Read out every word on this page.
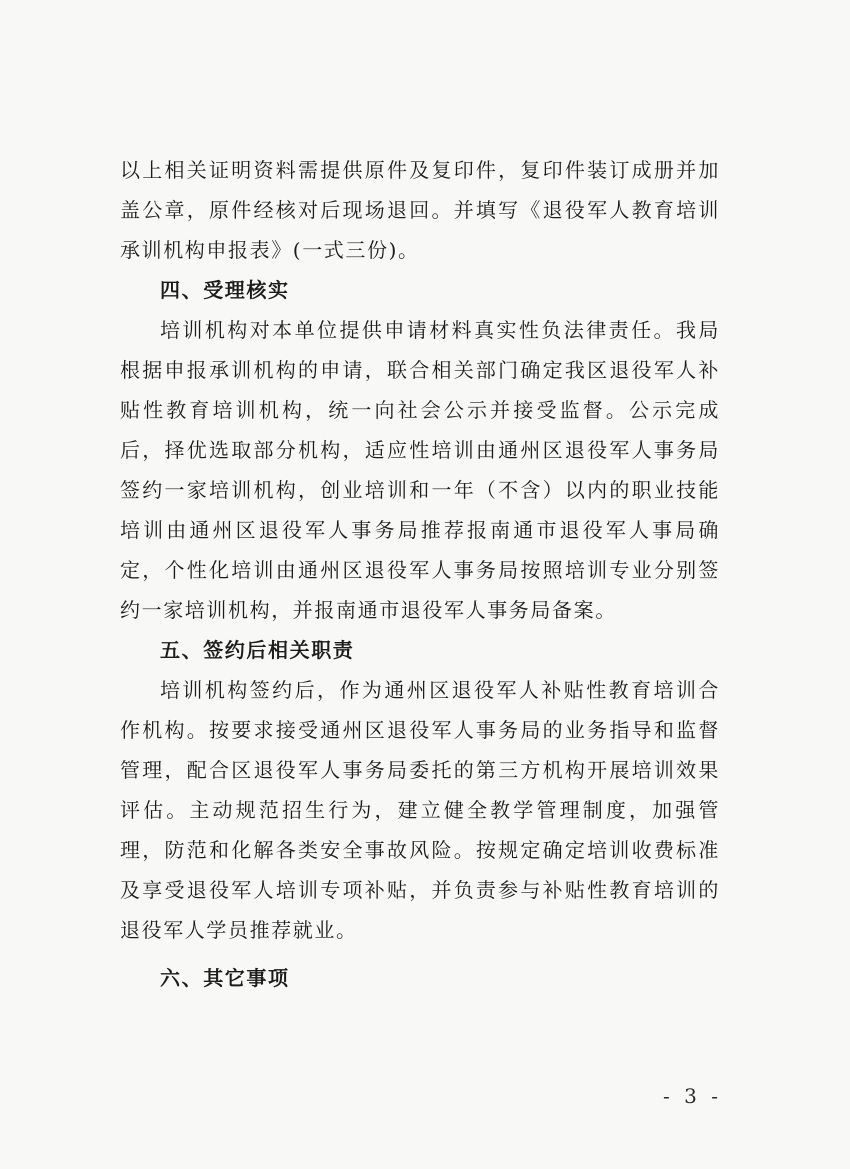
以上相关证明资料需提供原件及复印件，复印件装订成册并加盖公章，原件经核对后现场退回。并填写《退役军人教育培训承训机构申报表》(一式三份)。

四、受理核实

培训机构对本单位提供申请材料真实性负法律责任。我局根据申报承训机构的申请，联合相关部门确定我区退役军人补贴性教育培训机构，统一向社会公示并接受监督。公示完成后，择优选取部分机构，适应性培训由通州区退役军人事务局签约一家培训机构，创业培训和一年（不含）以内的职业技能培训由通州区退役军人事务局推荐报南通市退役军人事局确定，个性化培训由通州区退役军人事务局按照培训专业分别签约一家培训机构，并报南通市退役军人事务局备案。

五、签约后相关职责

培训机构签约后，作为通州区退役军人补贴性教育培训合作机构。按要求接受通州区退役军人事务局的业务指导和监督管理，配合区退役军人事务局委托的第三方机构开展培训效果评估。主动规范招生行为，建立健全教学管理制度，加强管理，防范和化解各类安全事故风险。按规定确定培训收费标准及享受退役军人培训专项补贴，并负责参与补贴性教育培训的退役军人学员推荐就业。

六、其它事项
- 3 -
